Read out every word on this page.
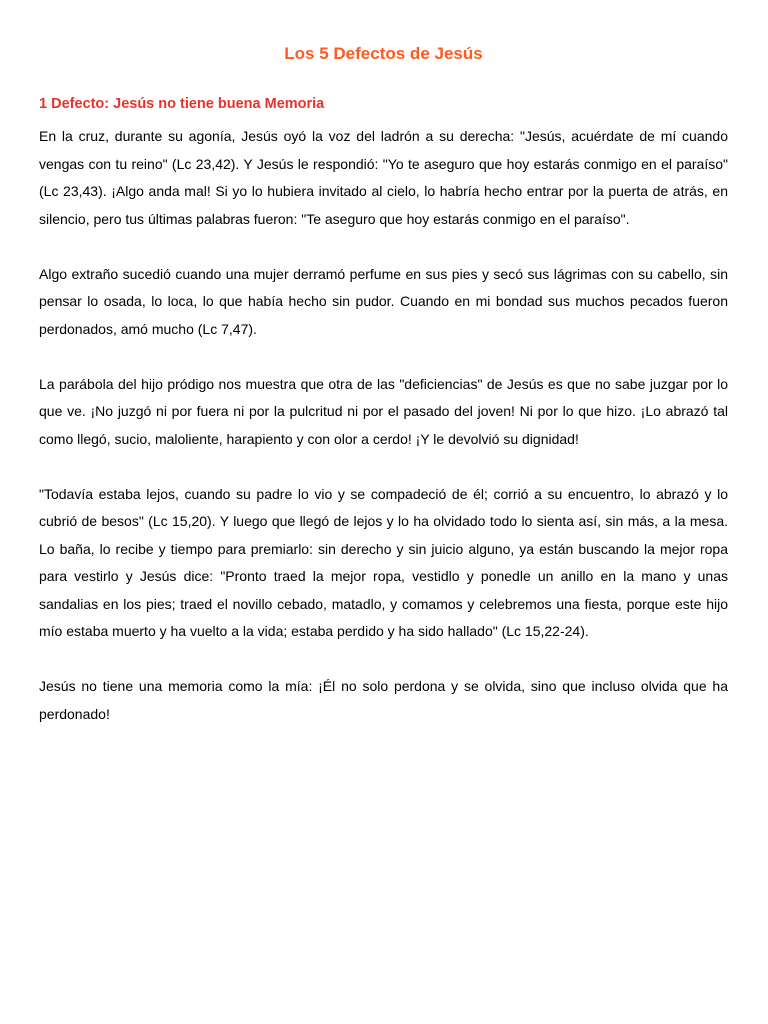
Los 5 Defectos de Jesús
1 Defecto: Jesús no tiene buena Memoria

En la cruz, durante su agonía, Jesús oyó la voz del ladrón a su derecha: "Jesús, acuérdate de mí cuando vengas con tu reino" (Lc 23,42). Y Jesús le respondió: "Yo te aseguro que hoy estarás conmigo en el paraíso" (Lc 23,43). ¡Algo anda mal! Si yo lo hubiera invitado al cielo, lo habría hecho entrar por la puerta de atrás, en silencio, pero tus últimas palabras fueron: "Te aseguro que hoy estarás conmigo en el paraíso".

Algo extraño sucedió cuando una mujer derramó perfume en sus pies y secó sus lágrimas con su cabello, sin pensar lo osada, lo loca, lo que había hecho sin pudor. Cuando en mi bondad sus muchos pecados fueron perdonados, amó mucho (Lc 7,47).

La parábola del hijo pródigo nos muestra que otra de las "deficiencias" de Jesús es que no sabe juzgar por lo que ve. ¡No juzgó ni por fuera ni por la pulcritud ni por el pasado del joven! Ni por lo que hizo. ¡Lo abrazó tal como llegó, sucio, maloliente, harapiento y con olor a cerdo! ¡Y le devolvió su dignidad!

"Todavía estaba lejos, cuando su padre lo vio y se compadeció de él; corrió a su encuentro, lo abrazó y lo cubrió de besos" (Lc 15,20). Y luego que llegó de lejos y lo ha olvidado todo lo sienta así, sin más, a la mesa. Lo baña, lo recibe y tiempo para premiarlo: sin derecho y sin juicio alguno, ya están buscando la mejor ropa para vestirlo y Jesús dice: "Pronto traed la mejor ropa, vestidlo y ponedle un anillo en la mano y unas sandalias en los pies; traed el novillo cebado, matadlo, y comamos y celebremos una fiesta, porque este hijo mío estaba muerto y ha vuelto a la vida; estaba perdido y ha sido hallado" (Lc 15,22-24).

Jesús no tiene una memoria como la mía: ¡Él no solo perdona y se olvida, sino que incluso olvida que ha perdonado!
